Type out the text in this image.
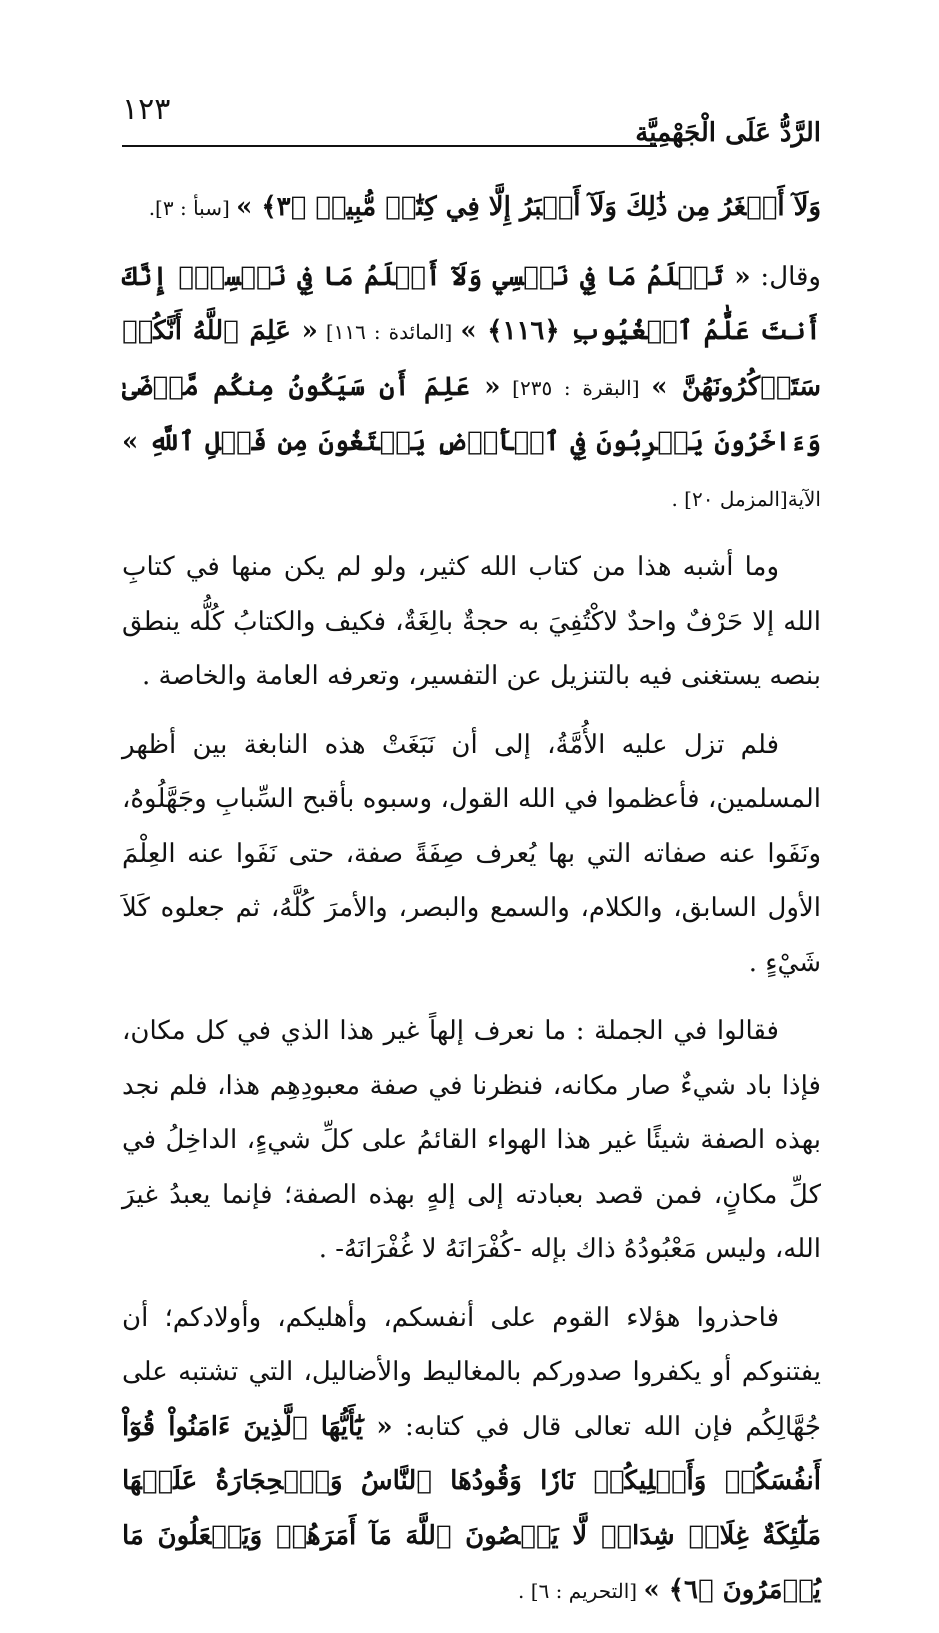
١٢٣
الرَّدُّ عَلَى الْجَهْمِيَّة

وَلَآ أَصۡغَرُ مِن ذَٰلِكَ وَلَآ أَكۡبَرُ إِلَّا فِي كِتَٰبٖ مُّبِينٖ ﴿٣﴾ » [سبأ : ٣].

وقال: « تَعۡلَمُ مَا فِي نَفۡسِي وَلَآ أَعۡلَمُ مَا فِي نَفۡسِكَۚ إِنَّكَ أَنتَ عَلَّٰمُ ٱلۡغُيُوبِ ﴿١١٦﴾ » [المائدة : ١١٦] « عَلِمَ ٱللَّهُ أَنَّكُمۡ سَتَذۡكُرُونَهُنَّ » [البقرة : ٢٣٥] « عَلِمَ أَن سَيَكُونُ مِنكُم مَّرۡضَىٰ وَءَاخَرُونَ يَضۡرِبُونَ فِي ٱلۡأَرۡضِ يَبۡتَغُونَ مِن فَضۡلِ ٱللَّهِ » الآية[المزمل ٢٠] .

وما أشبه هذا من كتاب الله كثير، ولو لم يكن منها في كتابِ الله إلا حَرْفٌ واحدٌ لاكْتُفِيَ به حجةٌ بالِغَةٌ، فكيف والكتابُ كُلُّه ينطق بنصه يستغنى فيه بالتنزيل عن التفسير، وتعرفه العامة والخاصة .

فلم تزل عليه الأُمَّةُ، إلى أن نَبَغَتْ هذه النابغة بين أظهر المسلمين، فأعظموا في الله القول، وسبوه بأقبح السِّبابِ وجَهَّلُوهُ، ونَفَوا عنه صفاته التي بها يُعرف صِفَةً صفة، حتى نَفَوا عنه العِلْمَ الأول السابق، والكلام، والسمع والبصر، والأمرَ كُلَّهُ، ثم جعلوه كَلاَ شَيْءٍ .

فقالوا في الجملة : ما نعرف إلهاً غير هذا الذي في كل مكان، فإذا باد شيءٌ صار مكانه، فنظرنا في صفة معبودِهِم هذا، فلم نجد بهذه الصفة شيئًا غير هذا الهواء القائمُ على كلِّ شيءٍ، الداخِلُ في كلِّ مكانٍ، فمن قصد بعبادته إلى إلهٍ بهذه الصفة؛ فإنما يعبدُ غيرَ الله، وليس مَعْبُودُهُ ذاك بإله -كُفْرَانَهُ لا غُفْرَانَهُ- .

فاحذروا هؤلاء القوم على أنفسكم، وأهليكم، وأولادكم؛ أن يفتنوكم أو يكفروا صدوركم بالمغاليط والأضاليل، التي تشتبه على جُهَّالِكُم فإن الله تعالى قال في كتابه: « يَٰٓأَيُّهَا ٱلَّذِينَ ءَامَنُواْ قُوٓاْ أَنفُسَكُمۡ وَأَهۡلِيكُمۡ نَارٗا وَقُودُهَا ٱلنَّاسُ وَٱلۡحِجَارَةُ عَلَيۡهَا مَلَٰٓئِكَةٌ غِلَاظٞ شِدَادٞ لَّا يَعۡصُونَ ٱللَّهَ مَآ أَمَرَهُمۡ وَيَفۡعَلُونَ مَا يُؤۡمَرُونَ ﴿٦﴾ » [التحريم : ٦] .
